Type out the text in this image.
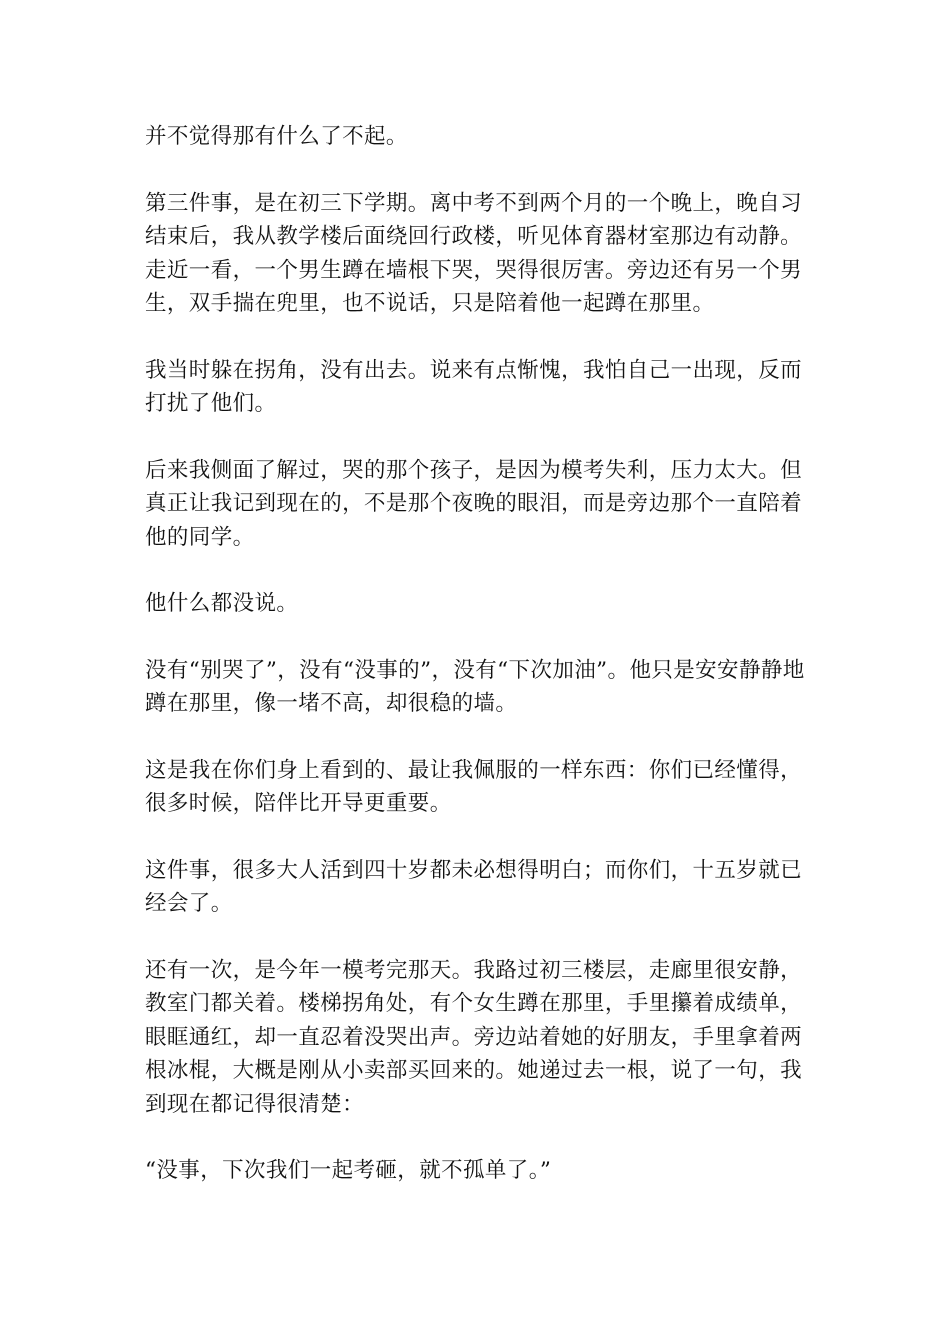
并不觉得那有什么了不起。

第三件事，是在初三下学期。离中考不到两个月的一个晚上，晚自习结束后，我从教学楼后面绕回行政楼，听见体育器材室那边有动静。走近一看，一个男生蹲在墙根下哭，哭得很厉害。旁边还有另一个男生，双手揣在兜里，也不说话，只是陪着他一起蹲在那里。

我当时躲在拐角，没有出去。说来有点惭愧，我怕自己一出现，反而打扰了他们。

后来我侧面了解过，哭的那个孩子，是因为模考失利，压力太大。但真正让我记到现在的，不是那个夜晚的眼泪，而是旁边那个一直陪着他的同学。

他什么都没说。

没有“别哭了”，没有“没事的”，没有“下次加油”。他只是安安静静地蹲在那里，像一堵不高，却很稳的墙。

这是我在你们身上看到的、最让我佩服的一样东西：你们已经懂得，很多时候，陪伴比开导更重要。

这件事，很多大人活到四十岁都未必想得明白；而你们，十五岁就已经会了。

还有一次，是今年一模考完那天。我路过初三楼层，走廊里很安静，教室门都关着。楼梯拐角处，有个女生蹲在那里，手里攥着成绩单，眼眶通红，却一直忍着没哭出声。旁边站着她的好朋友，手里拿着两根冰棍，大概是刚从小卖部买回来的。她递过去一根，说了一句，我到现在都记得很清楚：

“没事，下次我们一起考砸，就不孤单了。”
